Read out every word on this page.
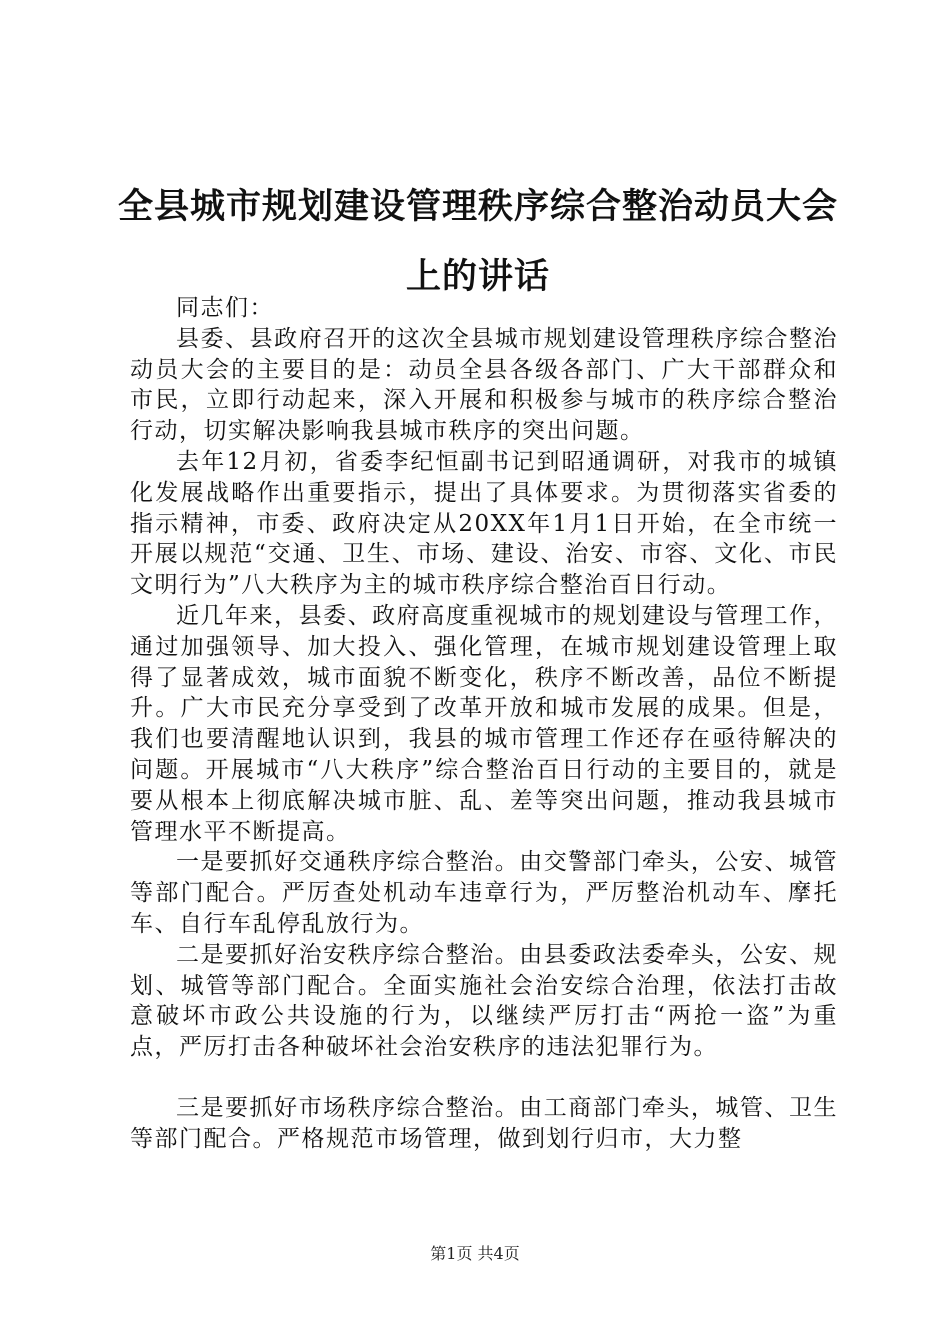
全县城市规划建设管理秩序综合整治动员大会
上的讲话

同志们：

县委、县政府召开的这次全县城市规划建设管理秩序综合整治动员大会的主要目的是：动员全县各级各部门、广大干部群众和市民，立即行动起来，深入开展和积极参与城市的秩序综合整治行动，切实解决影响我县城市秩序的突出问题。

去年12月初，省委李纪恒副书记到昭通调研，对我市的城镇化发展战略作出重要指示，提出了具体要求。为贯彻落实省委的指示精神，市委、政府决定从20XX年1月1日开始，在全市统一开展以规范“交通、卫生、市场、建设、治安、市容、文化、市民文明行为”八大秩序为主的城市秩序综合整治百日行动。

近几年来，县委、政府高度重视城市的规划建设与管理工作，通过加强领导、加大投入、强化管理，在城市规划建设管理上取得了显著成效，城市面貌不断变化，秩序不断改善，品位不断提升。广大市民充分享受到了改革开放和城市发展的成果。但是，我们也要清醒地认识到，我县的城市管理工作还存在亟待解决的问题。开展城市“八大秩序”综合整治百日行动的主要目的，就是要从根本上彻底解决城市脏、乱、差等突出问题，推动我县城市管理水平不断提高。

一是要抓好交通秩序综合整治。由交警部门牵头，公安、城管等部门配合。严厉查处机动车违章行为，严厉整治机动车、摩托车、自行车乱停乱放行为。

二是要抓好治安秩序综合整治。由县委政法委牵头，公安、规划、城管等部门配合。全面实施社会治安综合治理，依法打击故意破坏市政公共设施的行为，以继续严厉打击“两抢一盗”为重点，严厉打击各种破坏社会治安秩序的违法犯罪行为。

三是要抓好市场秩序综合整治。由工商部门牵头，城管、卫生等部门配合。严格规范市场管理，做到划行归市，大力整

第1页 共4页
